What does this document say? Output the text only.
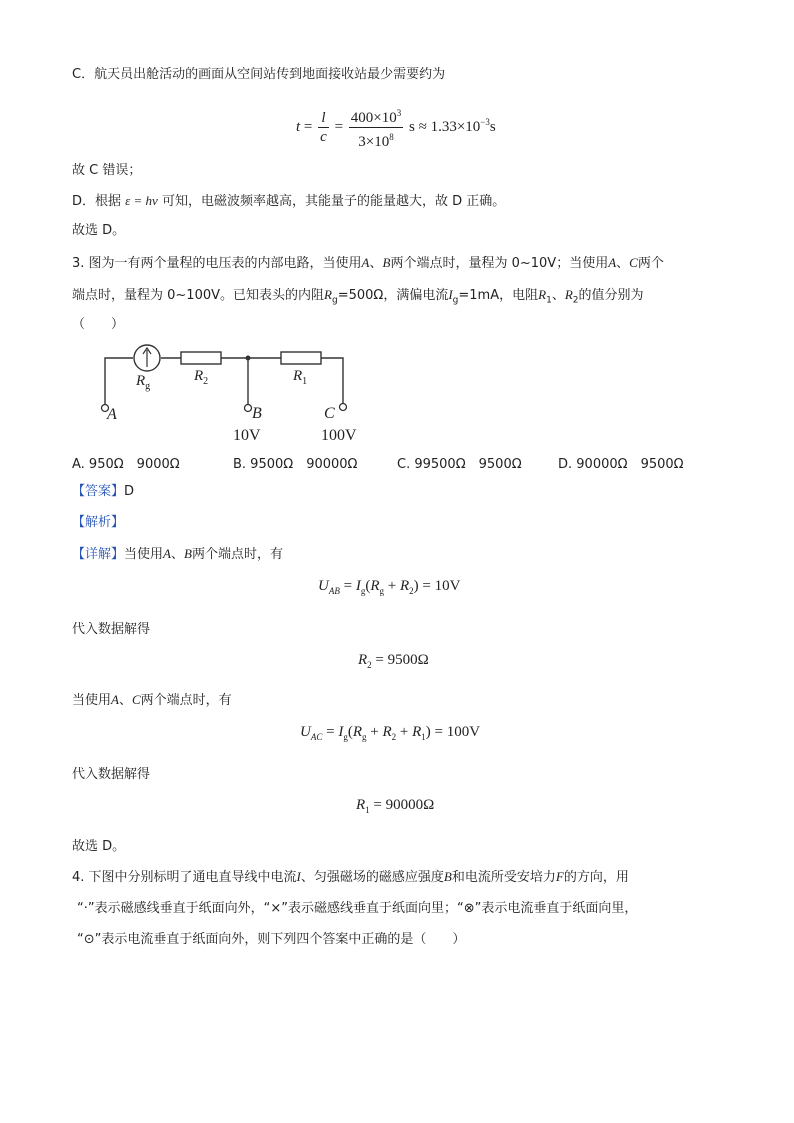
C．航天员出舱活动的画面从空间站传到地面接收站最少需要约为
$t = \frac{l}{c} = \frac{400\times 10^3}{3\times 10^8}$ $s \approx 1.33\times 10^{-3}s$
故 C 错误；
D．根据 ε = hν 可知，电磁波频率越高，其能量子的能量越大，故 D 正确。
故选 D。
3. 图为一有两个量程的电压表的内部电路，当使用A、B两个端点时，量程为 0~10V；当使用A、C两个
端点时，量程为 0~100V。已知表头的内阻$R_g=500\Omega$，满偏电流$I_g=1mA$，电阻$R_1$、$R_2$的值分别为
（　　）
$R_g$
$R_2$	$R_1$
A	B	C
10V	100V
A. 950Ω　9000Ω	B. 9500Ω　90000Ω	C. 99500Ω　9500Ω	D. 90000Ω　9500Ω
【答案】D
【解析】
【详解】当使用A、B两个端点时，有
$U_{AB} = I_g(R_g + R_2) = 10V$
代入数据解得
$R_2 = 9500\Omega$
当使用A、C两个端点时，有
$U_{AC} = I_g(R_g + R_2 + R_1) = 100V$
代入数据解得
$R_1 = 90000\Omega$
故选 D。
4. 下图中分别标明了通电直导线中电流I、匀强磁场的磁感应强度B和电流所受安培力F的方向，用
“·”表示磁感线垂直于纸面向外，“×”表示磁感线垂直于纸面向里；“⊗”表示电流垂直于纸面向里，
“⊙”表示电流垂直于纸面向外，则下列四个答案中正确的是（　　）
